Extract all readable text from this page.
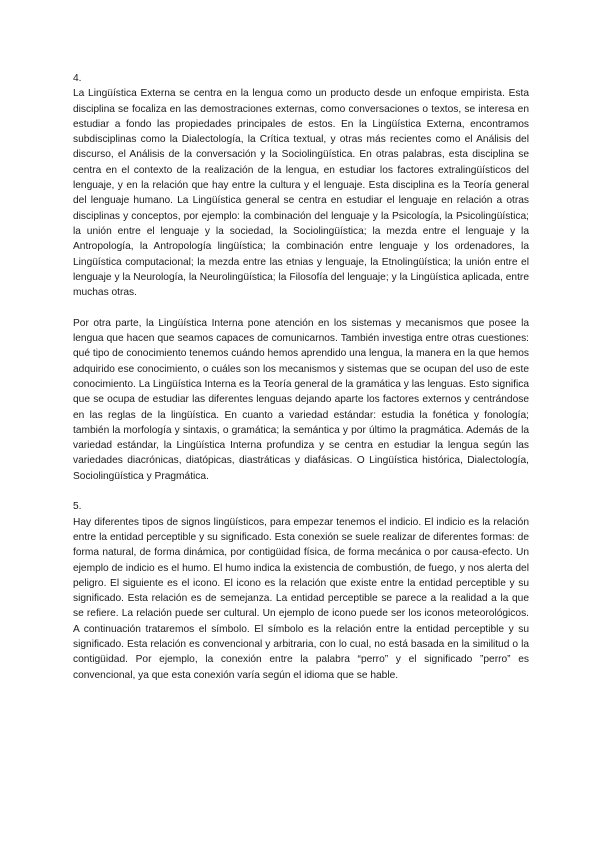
4.

La Lingüística Externa se centra en la lengua como un producto desde un enfoque empirista. Esta disciplina se focaliza en las demostraciones externas, como conversaciones o textos, se interesa en estudiar a fondo las propiedades principales de estos. En la Lingüística Externa, encontramos subdisciplinas como la Dialectología, la Crítica textual, y otras más recientes como el Análisis del discurso, el Análisis de la conversación y la Sociolingüística. En otras palabras, esta disciplina se centra en el contexto de la realización de la lengua, en estudiar los factores extralingüísticos del lenguaje, y en la relación que hay entre la cultura y el lenguaje. Esta disciplina es la Teoría general del lenguaje humano. La Lingüística general se centra en estudiar el lenguaje en relación a otras disciplinas y conceptos, por ejemplo: la combinación del lenguaje y la Psicología, la Psicolingüística; la unión entre el lenguaje y la sociedad, la Sociolingüística; la mezda entre el lenguaje y la Antropología, la Antropología lingüística; la combinación entre lenguaje y los ordenadores, la Lingüística computacional; la mezda entre las etnias y lenguaje, la Etnolingüística; la unión entre el lenguaje y la Neurología, la Neurolingüística; la Filosofía del lenguaje; y la Lingüística aplicada, entre muchas otras.

Por otra parte, la Lingüística Interna pone atención en los sistemas y mecanismos que posee la lengua que hacen que seamos capaces de comunicarnos. También investiga entre otras cuestiones: qué tipo de conocimiento tenemos cuándo hemos aprendido una lengua, la manera en la que hemos adquirido ese conocimiento, o cuáles son los mecanismos y sistemas que se ocupan del uso de este conocimiento. La Lingüística Interna es la Teoría general de la gramática y las lenguas. Esto significa que se ocupa de estudiar las diferentes lenguas dejando aparte los factores externos y centrándose en las reglas de la lingüística. En cuanto a variedad estándar: estudia la fonética y fonología; también la morfología y sintaxis, o gramática; la semántica y por último la pragmática. Además de la variedad estándar, la Lingüística Interna profundiza y se centra en estudiar la lengua según las variedades diacrónicas, diatópicas, diastráticas y diafásicas. O Lingüística histórica, Dialectología, Sociolingüística y Pragmática.

5.

Hay diferentes tipos de signos lingüísticos, para empezar tenemos el indicio. El indicio es la relación entre la entidad perceptible y su significado. Esta conexión se suele realizar de diferentes formas: de forma natural, de forma dinámica, por contigüidad física, de forma mecánica o por causa-efecto. Un ejemplo de indicio es el humo. El humo indica la existencia de combustión, de fuego, y nos alerta del peligro. El siguiente es el icono. El icono es la relación que existe entre la entidad perceptible y su significado. Esta relación es de semejanza. La entidad perceptible se parece a la realidad a la que se refiere. La relación puede ser cultural. Un ejemplo de icono puede ser los iconos meteorológicos. A continuación trataremos el símbolo. El símbolo es la relación entre la entidad perceptible y su significado. Esta relación es convencional y arbitraria, con lo cual, no está basada en la similitud o la contigüidad. Por ejemplo, la conexión entre la palabra “perro” y el significado ”perro” es convencional, ya que esta conexión varía según el idioma que se hable.
